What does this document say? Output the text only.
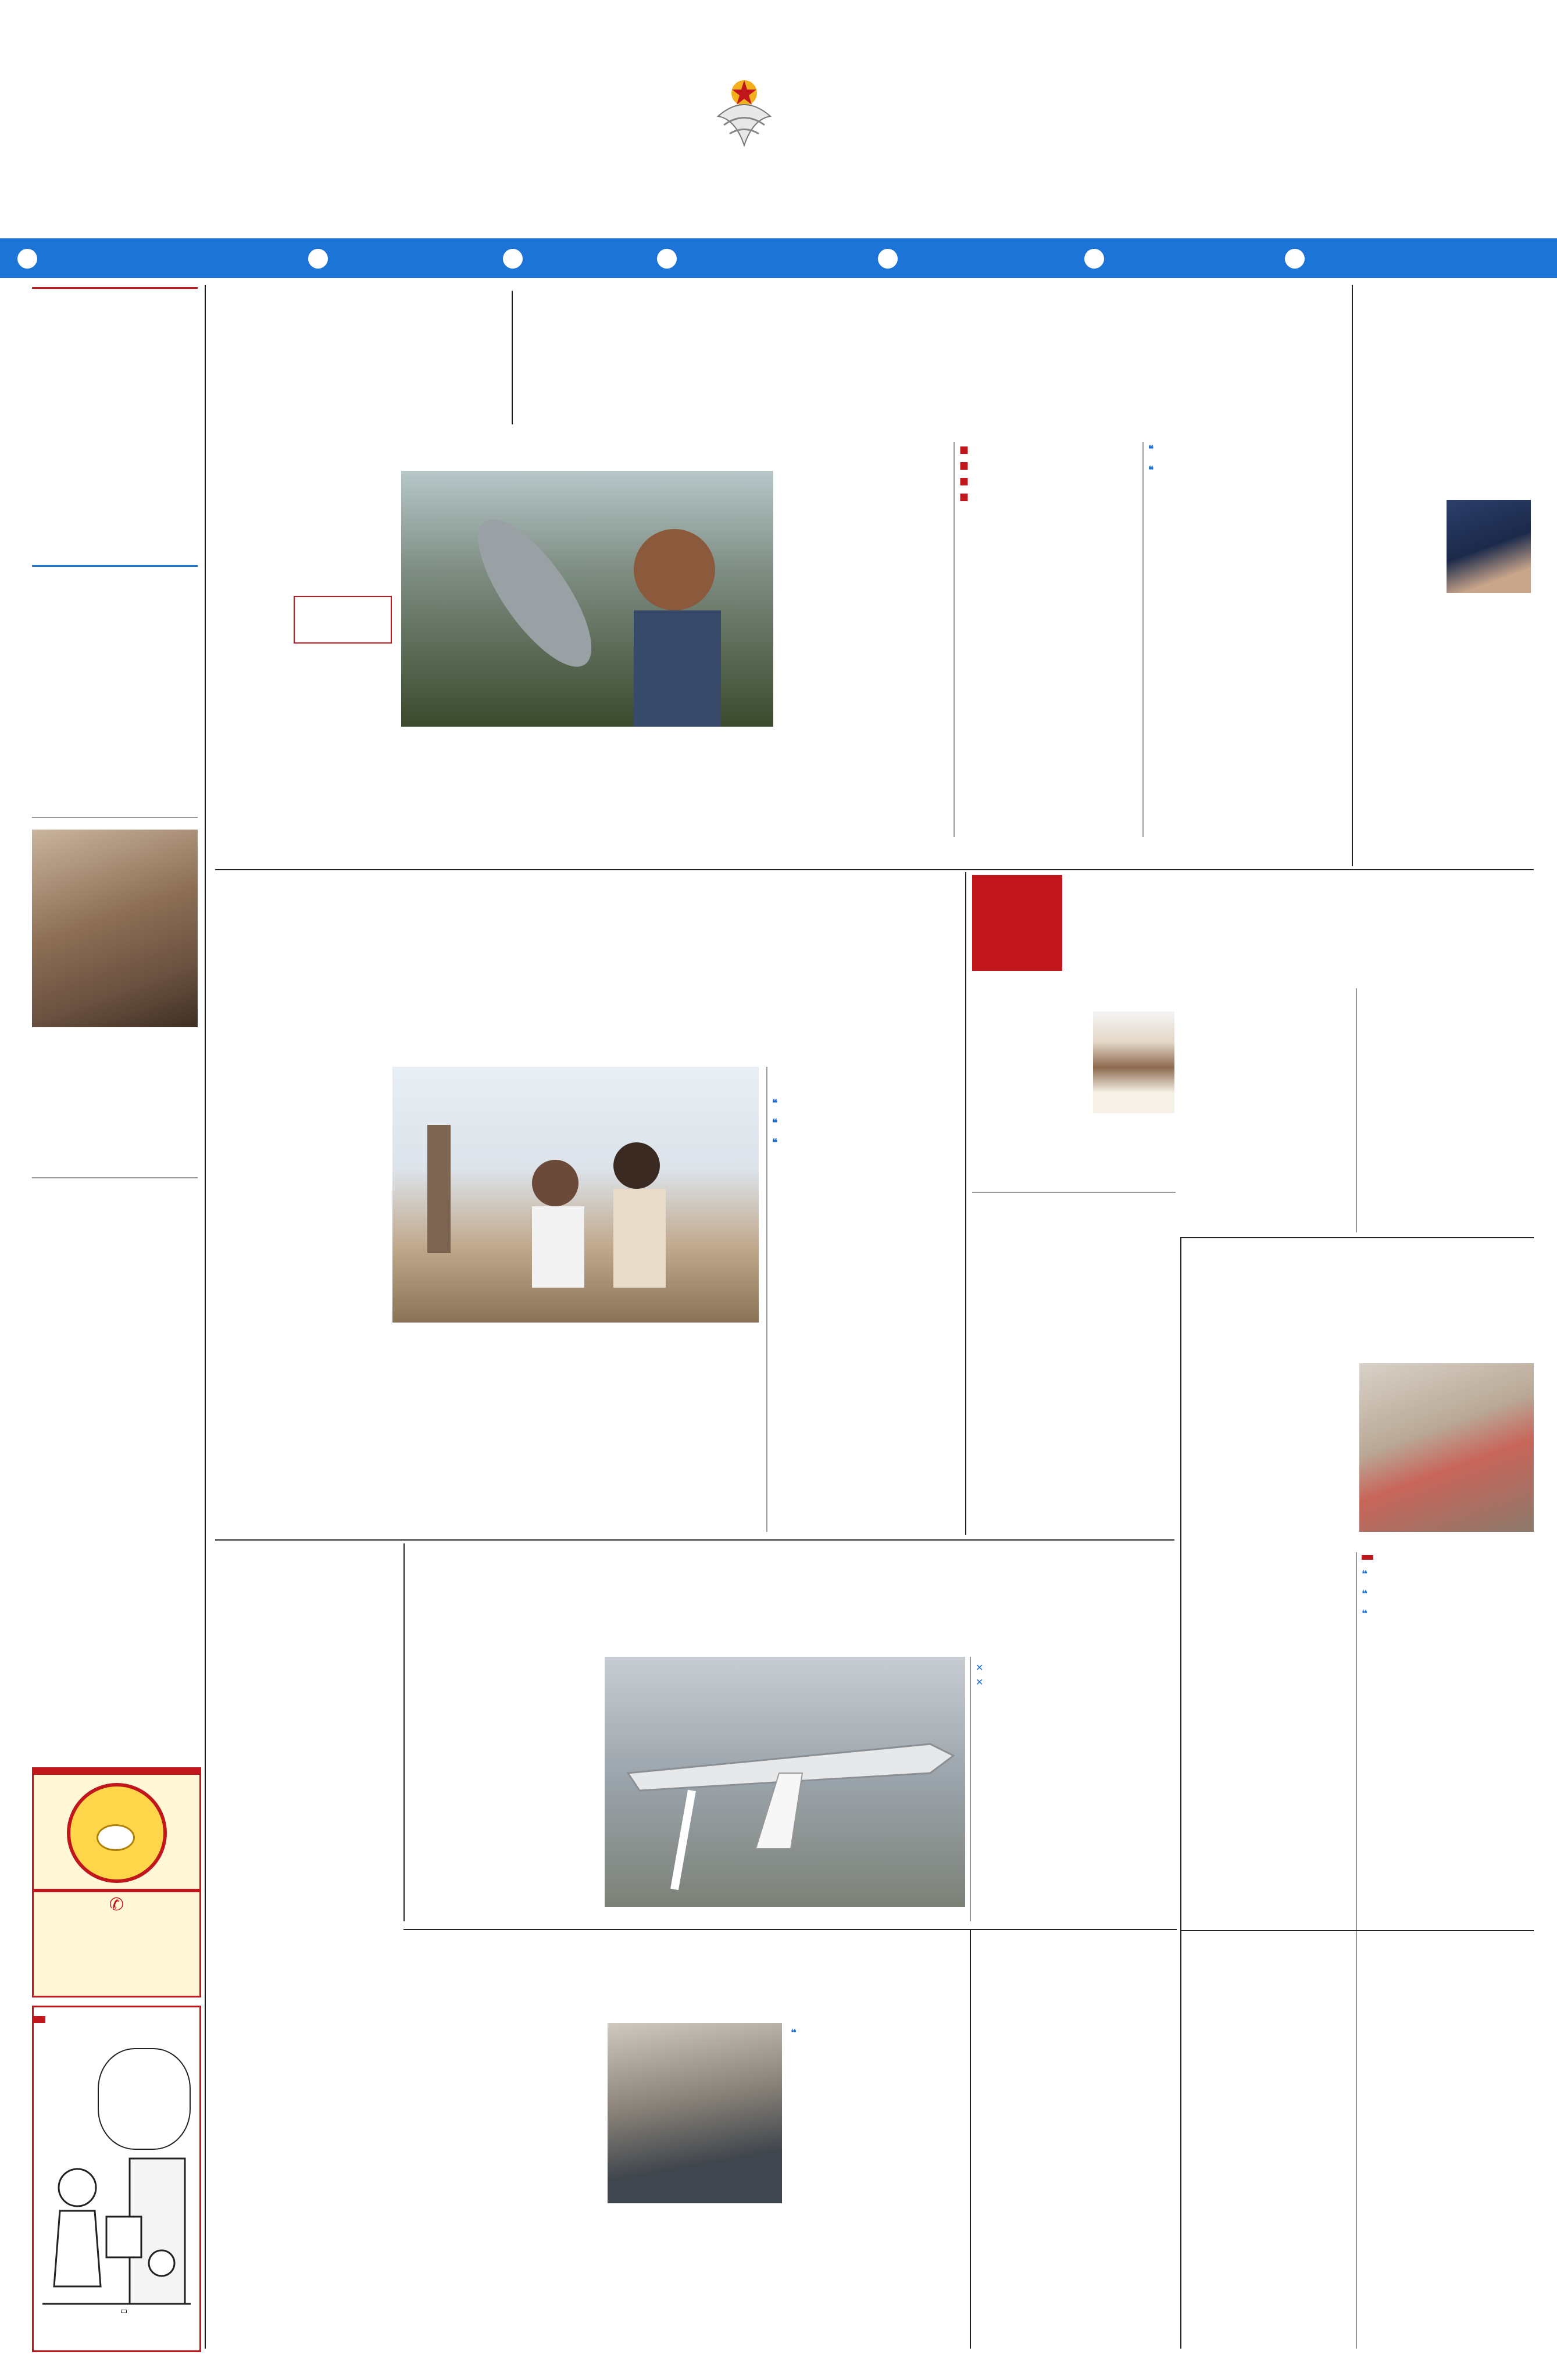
✆
■
■
■
■
❝
❝
❝
❝
❝
❝
❝
❝
✕
✕
❝
